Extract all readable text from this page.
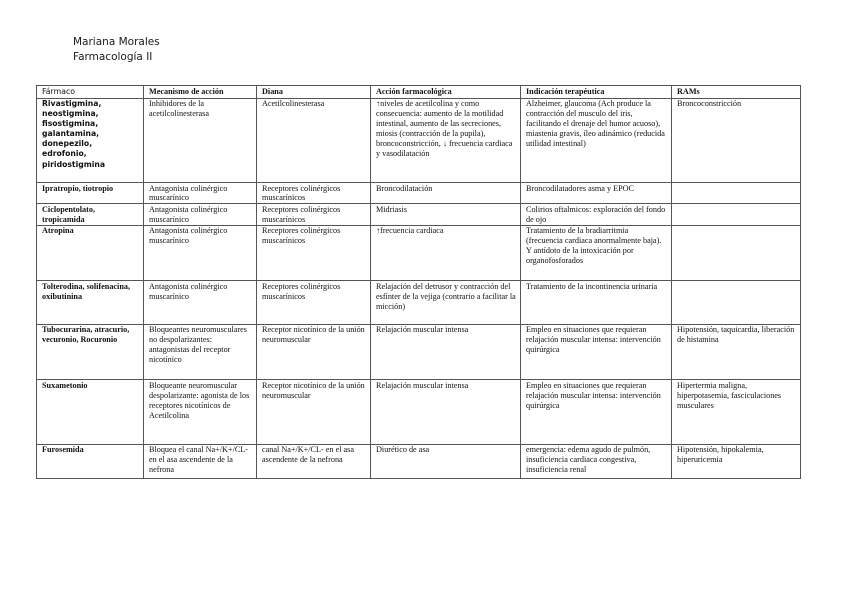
Mariana Morales
Farmacología II
Fármaco	Mecanismo de acción	Diana	Acción farmacológica	Indicación terapéutica	RAMs
Rivastigmina, neostigmina, fisostigmina, galantamina, donepezilo, edrofonio, piridostigmina	Inhibidores de la acetilcolinesterasa	Acetilcolinesterasa	↑niveles de acetilcolina y como consecuencia: aumento de la motilidad intestinal, aumento de las secreciones, miosis (contracción de la pupila), broncoconstricción, ↓ frecuencia cardiaca y vasodilatación	Alzheimer, glaucoma (Ach produce la contracción del musculo del iris, facilitando el drenaje del humor acuoso), miastenia gravis, íleo adinámico (reducida utilidad intestinal)	Broncoconstricción
Ipratropio, tiotropio	Antagonista colinérgico muscarínico	Receptores colinérgicos muscarínicos	Broncodilatación	Broncodilatadores asma y EPOC	
Ciclopentolato, tropicamida	Antagonista colinérgico muscarínico	Receptores colinérgicos muscarínicos	Midriasis	Colirios oftalmicos: exploración del fondo de ojo	
Atropina	Antagonista colinérgico muscarínico	Receptores colinérgicos muscarínicos	↑frecuencia cardiaca	Tratamiento de la bradiarritmia (frecuencia cardiaca anormalmente baja). Y antídoto de la intoxicación por organofosforados	
Tolterodina, solifenacina, oxibutinina	Antagonista colinérgico muscarínico	Receptores colinérgicos muscarínicos	Relajación del detrusor y contracción del esfínter de la vejiga (contrario a facilitar la micción)	Tratamiento de la incontinencia urinaria	
Tubocurarina, atracurio, vecuronio, Rocuronio	Bloqueantes neuromusculares no despolarizantes: antagonistas del receptor nicotínico	Receptor nicotínico de la unión neuromuscular	Relajación muscular intensa	Empleo en situaciones que requieran relajación muscular intensa: intervención quirúrgica	Hipotensión, taquicardia, liberación de histamina
Suxametonio	Bloqueante neuromuscular despolarizante: agonista de los receptores nicotínicos de Acetilcolina	Receptor nicotínico de la unión neuromuscular	Relajación muscular intensa	Empleo en situaciones que requieran relajación muscular intensa: intervención quirúrgica	Hipertermia maligna, hiperpotasemia, fasciculaciones musculares
Furosemida	Bloquea el canal Na+/K+/CL- en el asa ascendente de la nefrona	canal Na+/K+/CL- en el asa ascendente de la nefrona	Diurético de asa	emergencia: edema agudo de pulmón, insuficiencia cardiaca congestiva, insuficiencia renal	Hipotensión, hipokalemia, hiperuricemia
